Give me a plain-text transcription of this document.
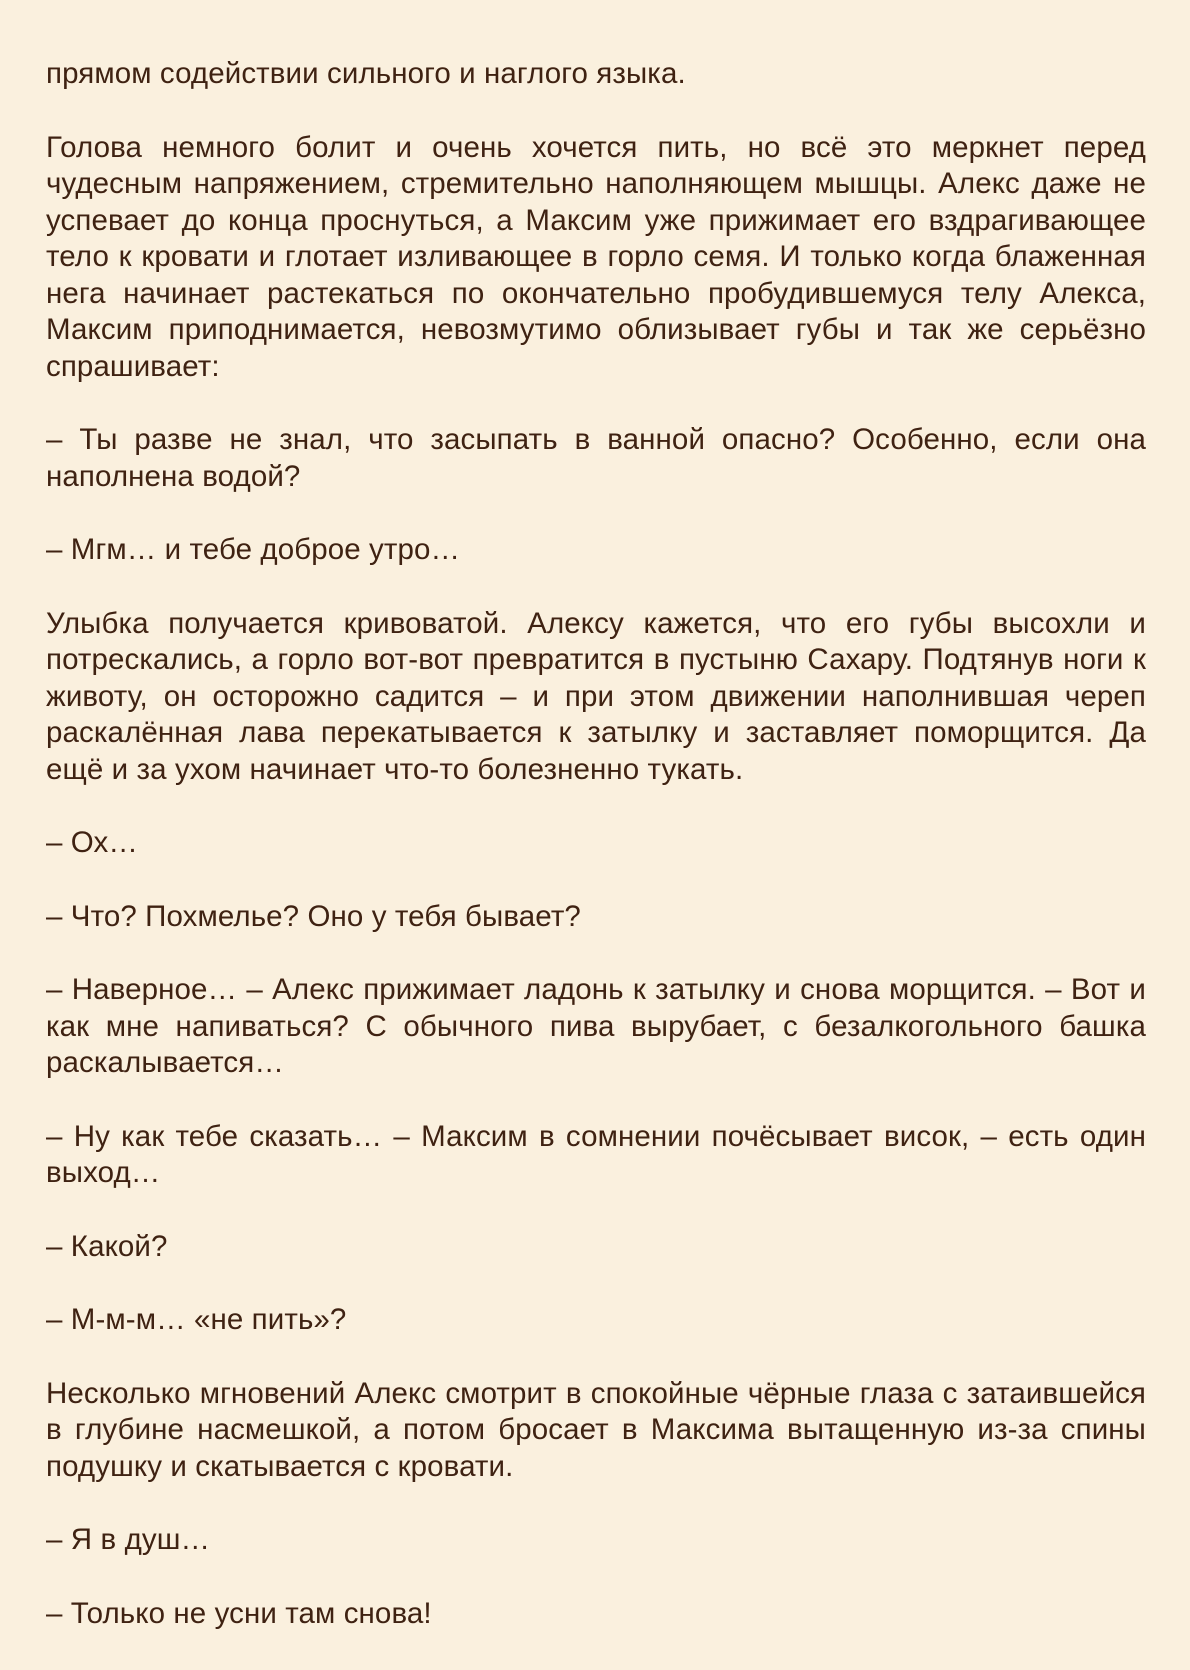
прямом содействии сильного и наглого языка.

Голова немного болит и очень хочется пить, но всё это меркнет перед чудесным напряжением, стремительно наполняющем мышцы. Алекс даже не успевает до конца проснуться, а Максим уже прижимает его вздрагивающее тело к кровати и глотает изливающее в горло семя. И только когда блаженная нега начинает растекаться по окончательно пробудившемуся телу Алекса, Максим приподнимается, невозмутимо облизывает губы и так же серьёзно спрашивает:

– Ты разве не знал, что засыпать в ванной опасно? Особенно, если она наполнена водой?

– Мгм… и тебе доброе утро…

Улыбка получается кривоватой. Алексу кажется, что его губы высохли и потрескались, а горло вот-вот превратится в пустыню Сахару. Подтянув ноги к животу, он осторожно садится – и при этом движении наполнившая череп раскалённая лава перекатывается к затылку и заставляет поморщится. Да ещё и за ухом начинает что-то болезненно тукать.

– Ох…

– Что? Похмелье? Оно у тебя бывает?

– Наверное… – Алекс прижимает ладонь к затылку и снова морщится. – Вот и как мне напиваться? С обычного пива вырубает, с безалкогольного башка раскалывается…

– Ну как тебе сказать… – Максим в сомнении почёсывает висок, – есть один выход…

– Какой?

– М-м-м… «не пить»?

Несколько мгновений Алекс смотрит в спокойные чёрные глаза с затаившейся в глубине насмешкой, а потом бросает в Максима вытащенную из-за спины подушку и скатывается с кровати.

– Я в душ…

– Только не усни там снова!
